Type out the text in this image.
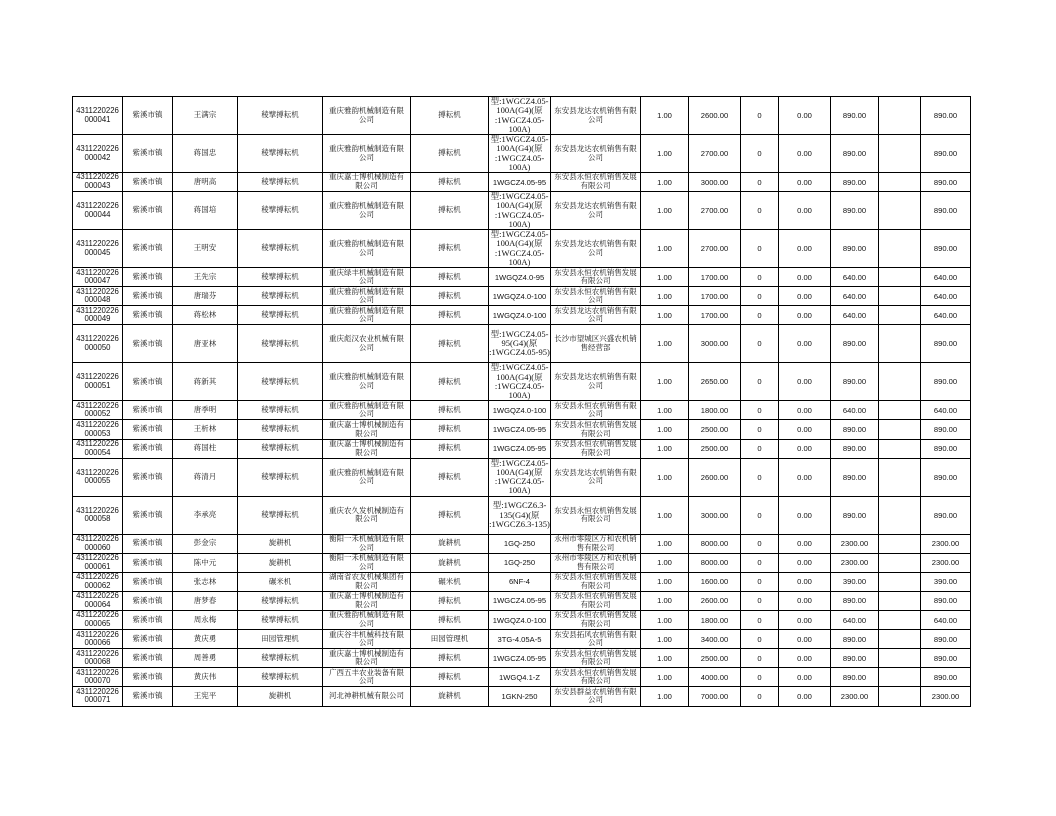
4311220226000041	紫溪市镇	王满宗	稜擘搏耘机	重庆雅韵机械制造有限公司	搏耘机	型:1WGCZ4.05-
100A(G4)(原
:1WGCZ4.05-
100A)	东安县龙达农机销售有限公司	1.00	2600.00	0	0.00	890.00		890.00

4311220226000042	紫溪市镇	蒋国忠	稜擘搏耘机	重庆雅韵机械制造有限公司	搏耘机	型:1WGCZ4.05-
100A(G4)(原
:1WGCZ4.05-
100A)	东安县龙达农机销售有限公司	1.00	2700.00	0	0.00	890.00		890.00

4311220226000043	紫溪市镇	唐明高	稜擘搏耘机	重庆嘉士博机械制造有限公司	搏耘机	1WGCZ4.05-95	东安县永恒农机销售发展有限公司	1.00	3000.00	0	0.00	890.00		890.00

4311220226000044	紫溪市镇	蒋国培	稜擘搏耘机	重庆雅韵机械制造有限公司	搏耘机	型:1WGCZ4.05-
100A(G4)(原
:1WGCZ4.05-
100A)	东安县龙达农机销售有限公司	1.00	2700.00	0	0.00	890.00		890.00

4311220226000045	紫溪市镇	王明安	稜擘搏耘机	重庆雅韵机械制造有限公司	搏耘机	型:1WGCZ4.05-
100A(G4)(原
:1WGCZ4.05-
100A)	东安县龙达农机销售有限公司	1.00	2700.00	0	0.00	890.00		890.00

4311220226000047	紫溪市镇	王先宗	稜擘搏耘机	重庆绿丰机械制造有限公司	搏耘机	1WGQZ4.0-95	东安县永恒农机销售发展有限公司	1.00	1700.00	0	0.00	640.00		640.00

4311220226000048	紫溪市镇	唐瑞芬	稜擘搏耘机	重庆雅韵机械制造有限公司	搏耘机	1WGQZ4.0-100	东安县永恒农机销售有限公司	1.00	1700.00	0	0.00	640.00		640.00

4311220226000049	紫溪市镇	蒋松林	稜擘搏耘机	重庆雅韵机械制造有限公司	搏耘机	1WGQZ4.0-100	东安县龙达农机销售有限公司	1.00	1700.00	0	0.00	640.00		640.00

4311220226000050	紫溪市镇	唐亚林	稜擘搏耘机	重庆彪汉农业机械有限公司	搏耘机	型:1WGCZ4.05-
95(G4)(原
:1WGCZ4.05-95)	长沙市望城区兴盛农机销售经营部	1.00	3000.00	0	0.00	890.00		890.00

4311220226000051	紫溪市镇	蒋新其	稜擘搏耘机	重庆雅韵机械制造有限公司	搏耘机	型:1WGCZ4.05-
100A(G4)(原
:1WGCZ4.05-
100A)	东安县龙达农机销售有限公司	1.00	2650.00	0	0.00	890.00		890.00

4311220226000052	紫溪市镇	唐季明	稜擘搏耘机	重庆雅韵机械制造有限公司	搏耘机	1WGQZ4.0-100	东安县永恒农机销售有限公司	1.00	1800.00	0	0.00	640.00		640.00

4311220226000053	紫溪市镇	王析林	稜擘搏耘机	重庆嘉士博机械制造有限公司	搏耘机	1WGCZ4.05-95	东安县永恒农机销售发展有限公司	1.00	2500.00	0	0.00	890.00		890.00

4311220226000054	紫溪市镇	蒋国柱	稜擘搏耘机	重庆嘉士博机械制造有限公司	搏耘机	1WGCZ4.05-95	东安县永恒农机销售发展有限公司	1.00	2500.00	0	0.00	890.00		890.00

4311220226000055	紫溪市镇	蒋清月	稜擘搏耘机	重庆雅韵机械制造有限公司	搏耘机	型:1WGCZ4.05-
100A(G4)(原
:1WGCZ4.05-
100A)	东安县龙达农机销售有限公司	1.00	2600.00	0	0.00	890.00		890.00

4311220226000058	紫溪市镇	李承亮	稜擘搏耘机	重庆农久发机械制造有限公司	搏耘机	型:1WGCZ6.3-
135(G4)(原
:1WGCZ6.3-135)	东安县永恒农机销售发展有限公司	1.00	3000.00	0	0.00	890.00		890.00

4311220226000060	紫溪市镇	彭金宗	旋耕机	衡阳一禾机械制造有限公司	旋耕机	1GQ-250	永州市零陵区万和农机销售有限公司	1.00	8000.00	0	0.00	2300.00		2300.00

4311220226000061	紫溪市镇	陈中元	旋耕机	衡阳一禾机械制造有限公司	旋耕机	1GQ-250	永州市零陵区万和农机销售有限公司	1.00	8000.00	0	0.00	2300.00		2300.00

4311220226000062	紫溪市镇	张志林	碾米机	湖南省农友机械集团有限公司	碾米机	6NF-4	东安县永恒农机销售发展有限公司	1.00	1600.00	0	0.00	390.00		390.00

4311220226000064	紫溪市镇	唐梦春	稜擘搏耘机	重庆嘉士博机械制造有限公司	搏耘机	1WGCZ4.05-95	东安县永恒农机销售发展有限公司	1.00	2600.00	0	0.00	890.00		890.00

4311220226000065	紫溪市镇	周永梅	稜擘搏耘机	重庆雅韵机械制造有限公司	搏耘机	1WGQZ4.0-100	东安县永恒农机销售发展有限公司	1.00	1800.00	0	0.00	640.00		640.00

4311220226000066	紫溪市镇	黄庆勇	田园管理机	重庆谷丰机械科技有限公司	田园管理机	3TG-4.05A-5	东安县拓风农机销售有限公司	1.00	3400.00	0	0.00	890.00		890.00

4311220226000068	紫溪市镇	周善勇	稜擘搏耘机	重庆嘉士博机械制造有限公司	搏耘机	1WGCZ4.05-95	东安县永恒农机销售发展有限公司	1.00	2500.00	0	0.00	890.00		890.00

4311220226000070	紫溪市镇	黄庆伟	稜擘搏耘机	广西五丰农业装备有限公司	搏耘机	1WGQ4.1-Z	东安县永恒农机销售发展有限公司	1.00	4000.00	0	0.00	890.00		890.00

4311220226000071	紫溪市镇	王宪平	旋耕机	河北神耕机械有限公司	旋耕机	1GKN-250	东安县群益农机销售有限公司	1.00	7000.00	0	0.00	2300.00		2300.00
